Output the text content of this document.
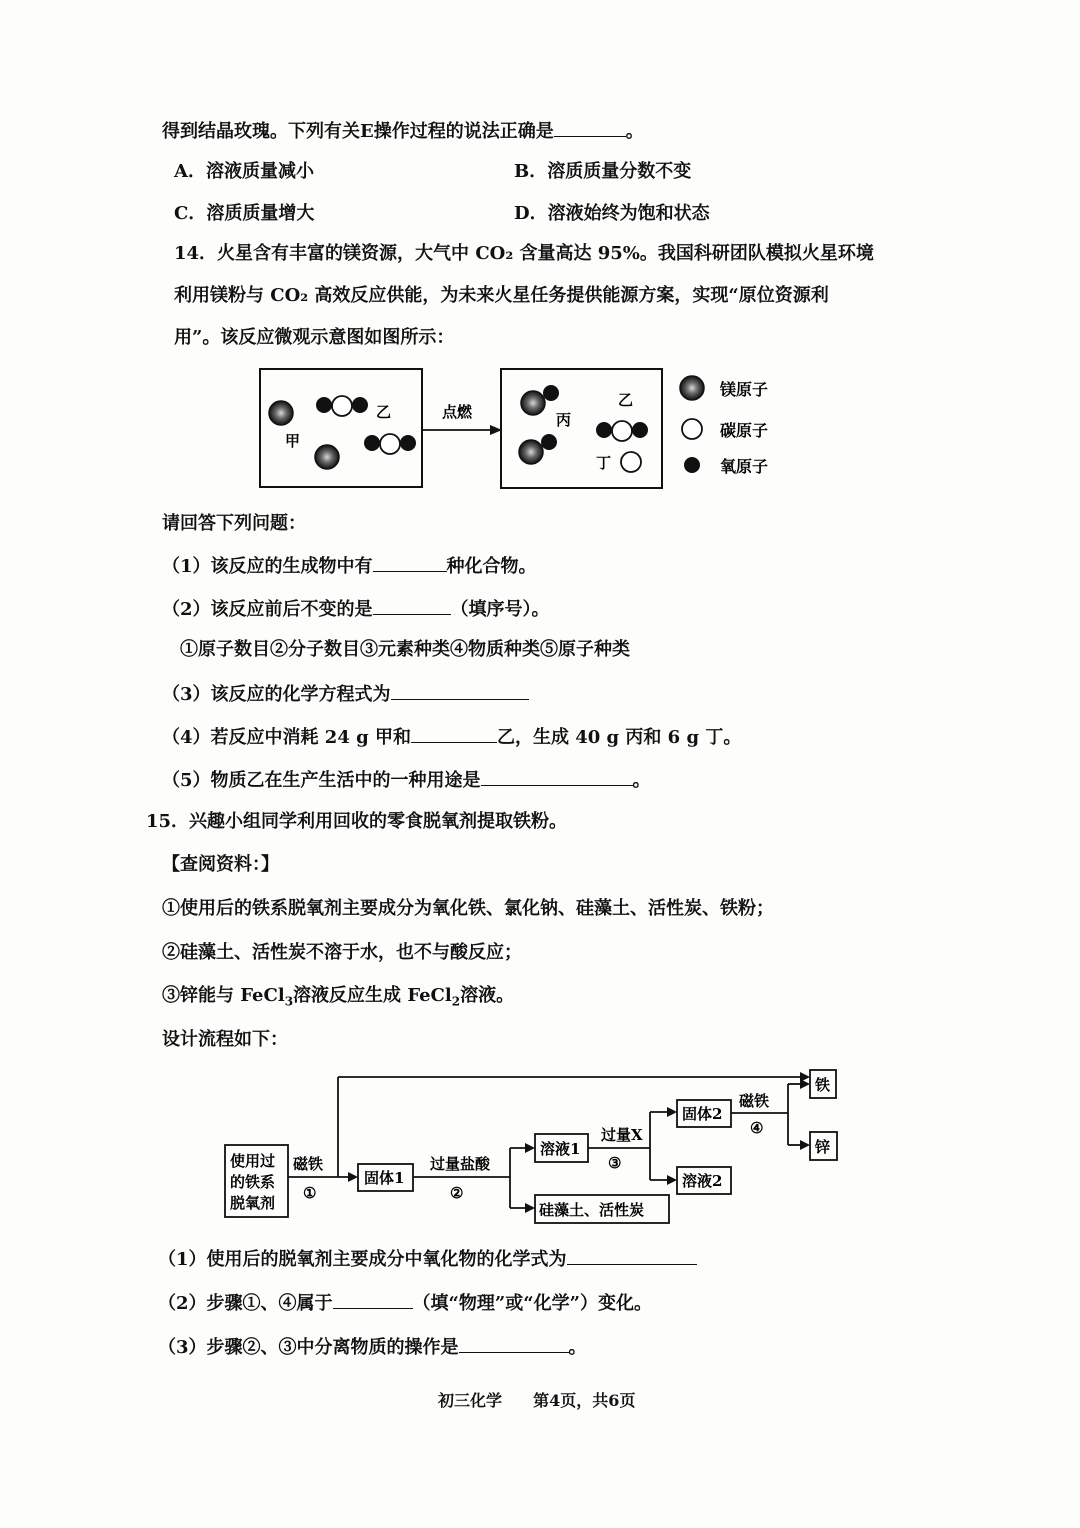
得到结晶玫瑰。下列有关E操作过程的说法正确是	。
A．溶液质量减小	B．溶质质量分数不变
C．溶质质量增大	D．溶液始终为饱和状态
14．火星含有丰富的镁资源，大气中 CO₂ 含量高达 95%。我国科研团队模拟火星环境
利用镁粉与 CO₂ 高效反应供能，为未来火星任务提供能源方案，实现“原位资源利
用”。该反应微观示意图如图所示：
甲
乙	点燃	丙
乙
丁
镁原子
碳原子
氧原子
请回答下列问题：
（1）该反应的生成物中有	种化合物。
（2）该反应前后不变的是	（填序号）。
①原子数目②分子数目③元素种类④物质种类⑤原子种类
（3）该反应的化学方程式为
（4）若反应中消耗 24 g 甲和	乙，生成 40 g 丙和 6 g 丁。
（5）物质乙在生产生活中的一种用途是	。
15．兴趣小组同学利用回收的零食脱氧剂提取铁粉。
【查阅资料：】
①使用后的铁系脱氧剂主要成分为氧化铁、氯化钠、硅藻土、活性炭、铁粉；
②硅藻土、活性炭不溶于水，也不与酸反应；
③锌能与 FeCl$_3$溶液反应生成 FeCl$_2$溶液。
设计流程如下：
使用过
的铁系
脱氧剂
磁铁
①
固体1
过量盐酸
②
溶液1
硅藻土、活性炭
过量X
③
固体2
溶液2
磁铁
④
铁
锌
（1）使用后的脱氧剂主要成分中氧化物的化学式为
（2）步骤①、④属于	（填“物理”或“化学”）变化。
（3）步骤②、③中分离物质的操作是	。
初三化学 第4页，共6页
